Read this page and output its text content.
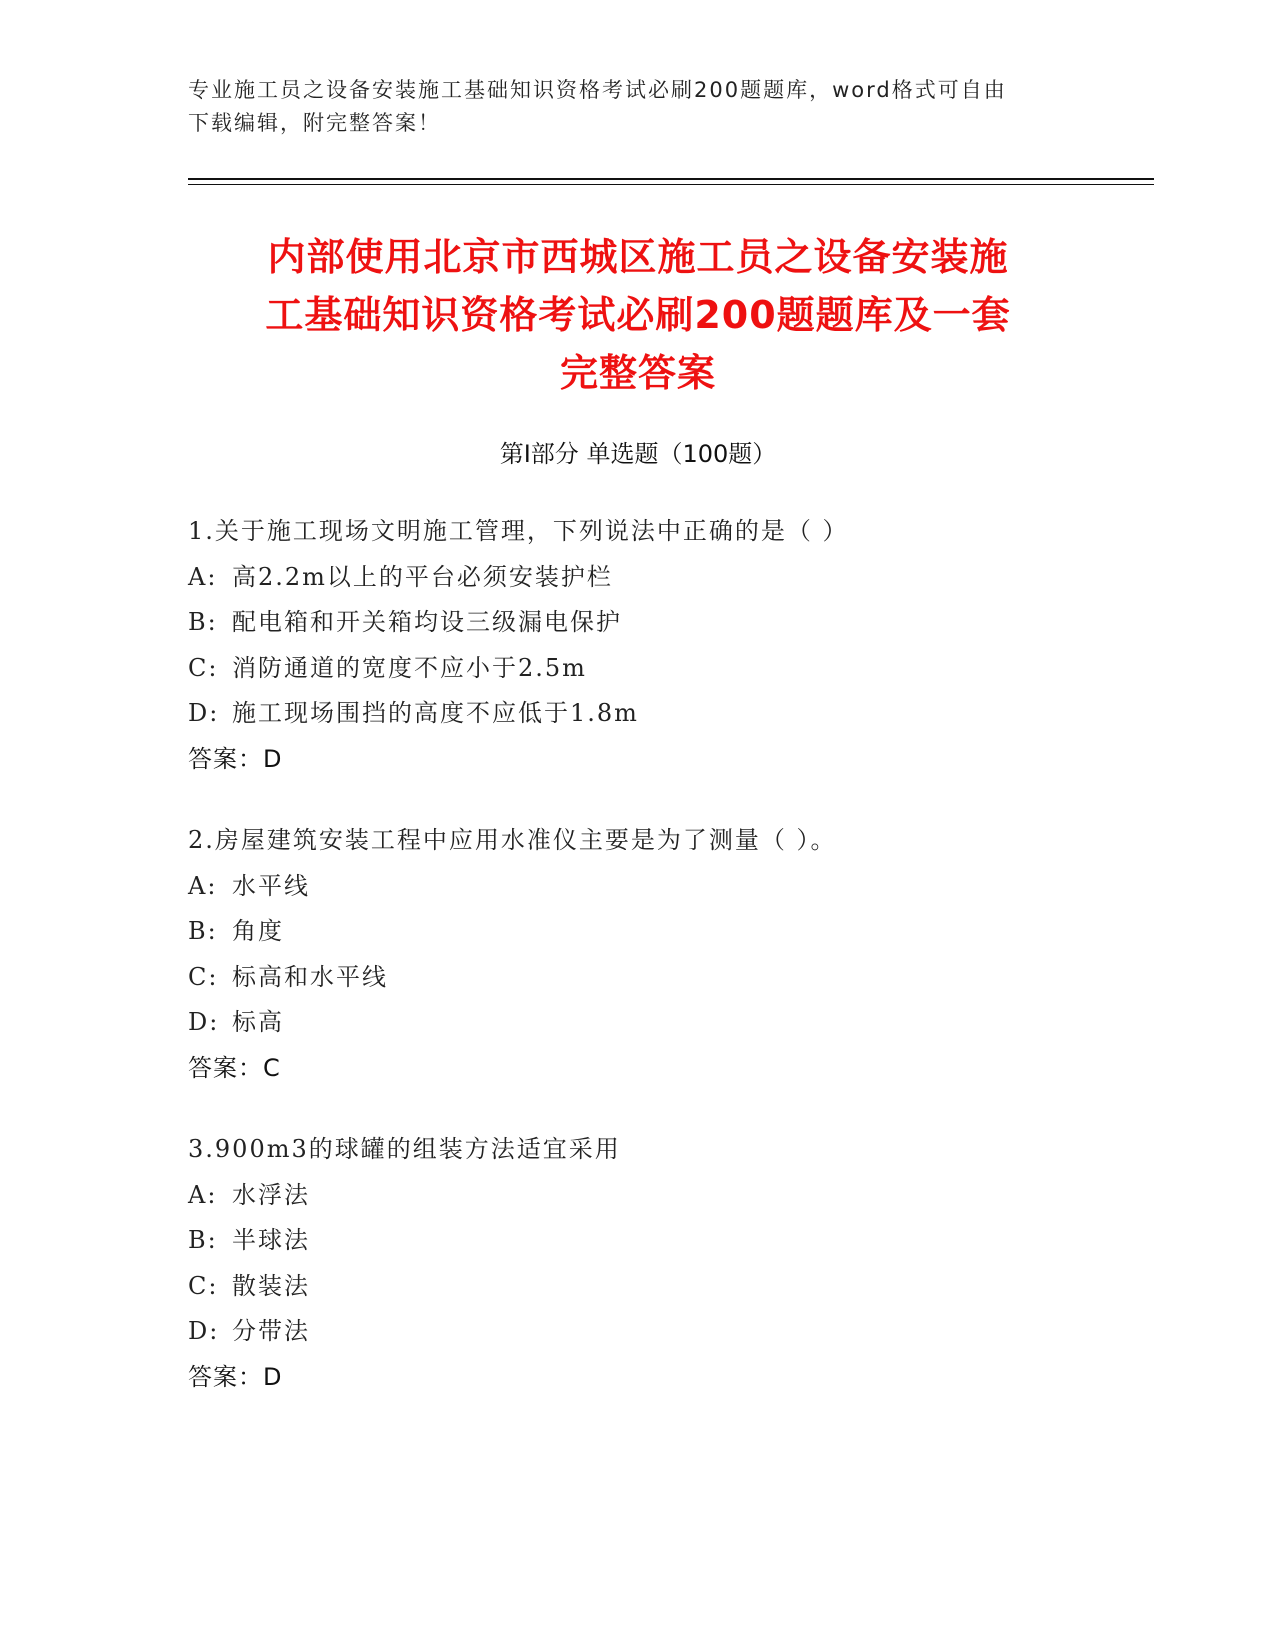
专业施工员之设备安装施工基础知识资格考试必刷200题题库，word格式可自由
下载编辑，附完整答案！
内部使用北京市西城区施工员之设备安装施
工基础知识资格考试必刷200题题库及一套
完整答案
第Ⅰ部分 单选题（100题）
1.关于施工现场文明施工管理，下列说法中正确的是（ ）
A: 高2.2m以上的平台必须安装护栏
B: 配电箱和开关箱均设三级漏电保护
C: 消防通道的宽度不应小于2.5m
D: 施工现场围挡的高度不应低于1.8m
答案：D
2.房屋建筑安装工程中应用水准仪主要是为了测量（ ）。
A: 水平线
B: 角度
C: 标高和水平线
D: 标高
答案：C
3.900m3的球罐的组装方法适宜采用
A: 水浮法
B: 半球法
C: 散装法
D: 分带法
答案：D
